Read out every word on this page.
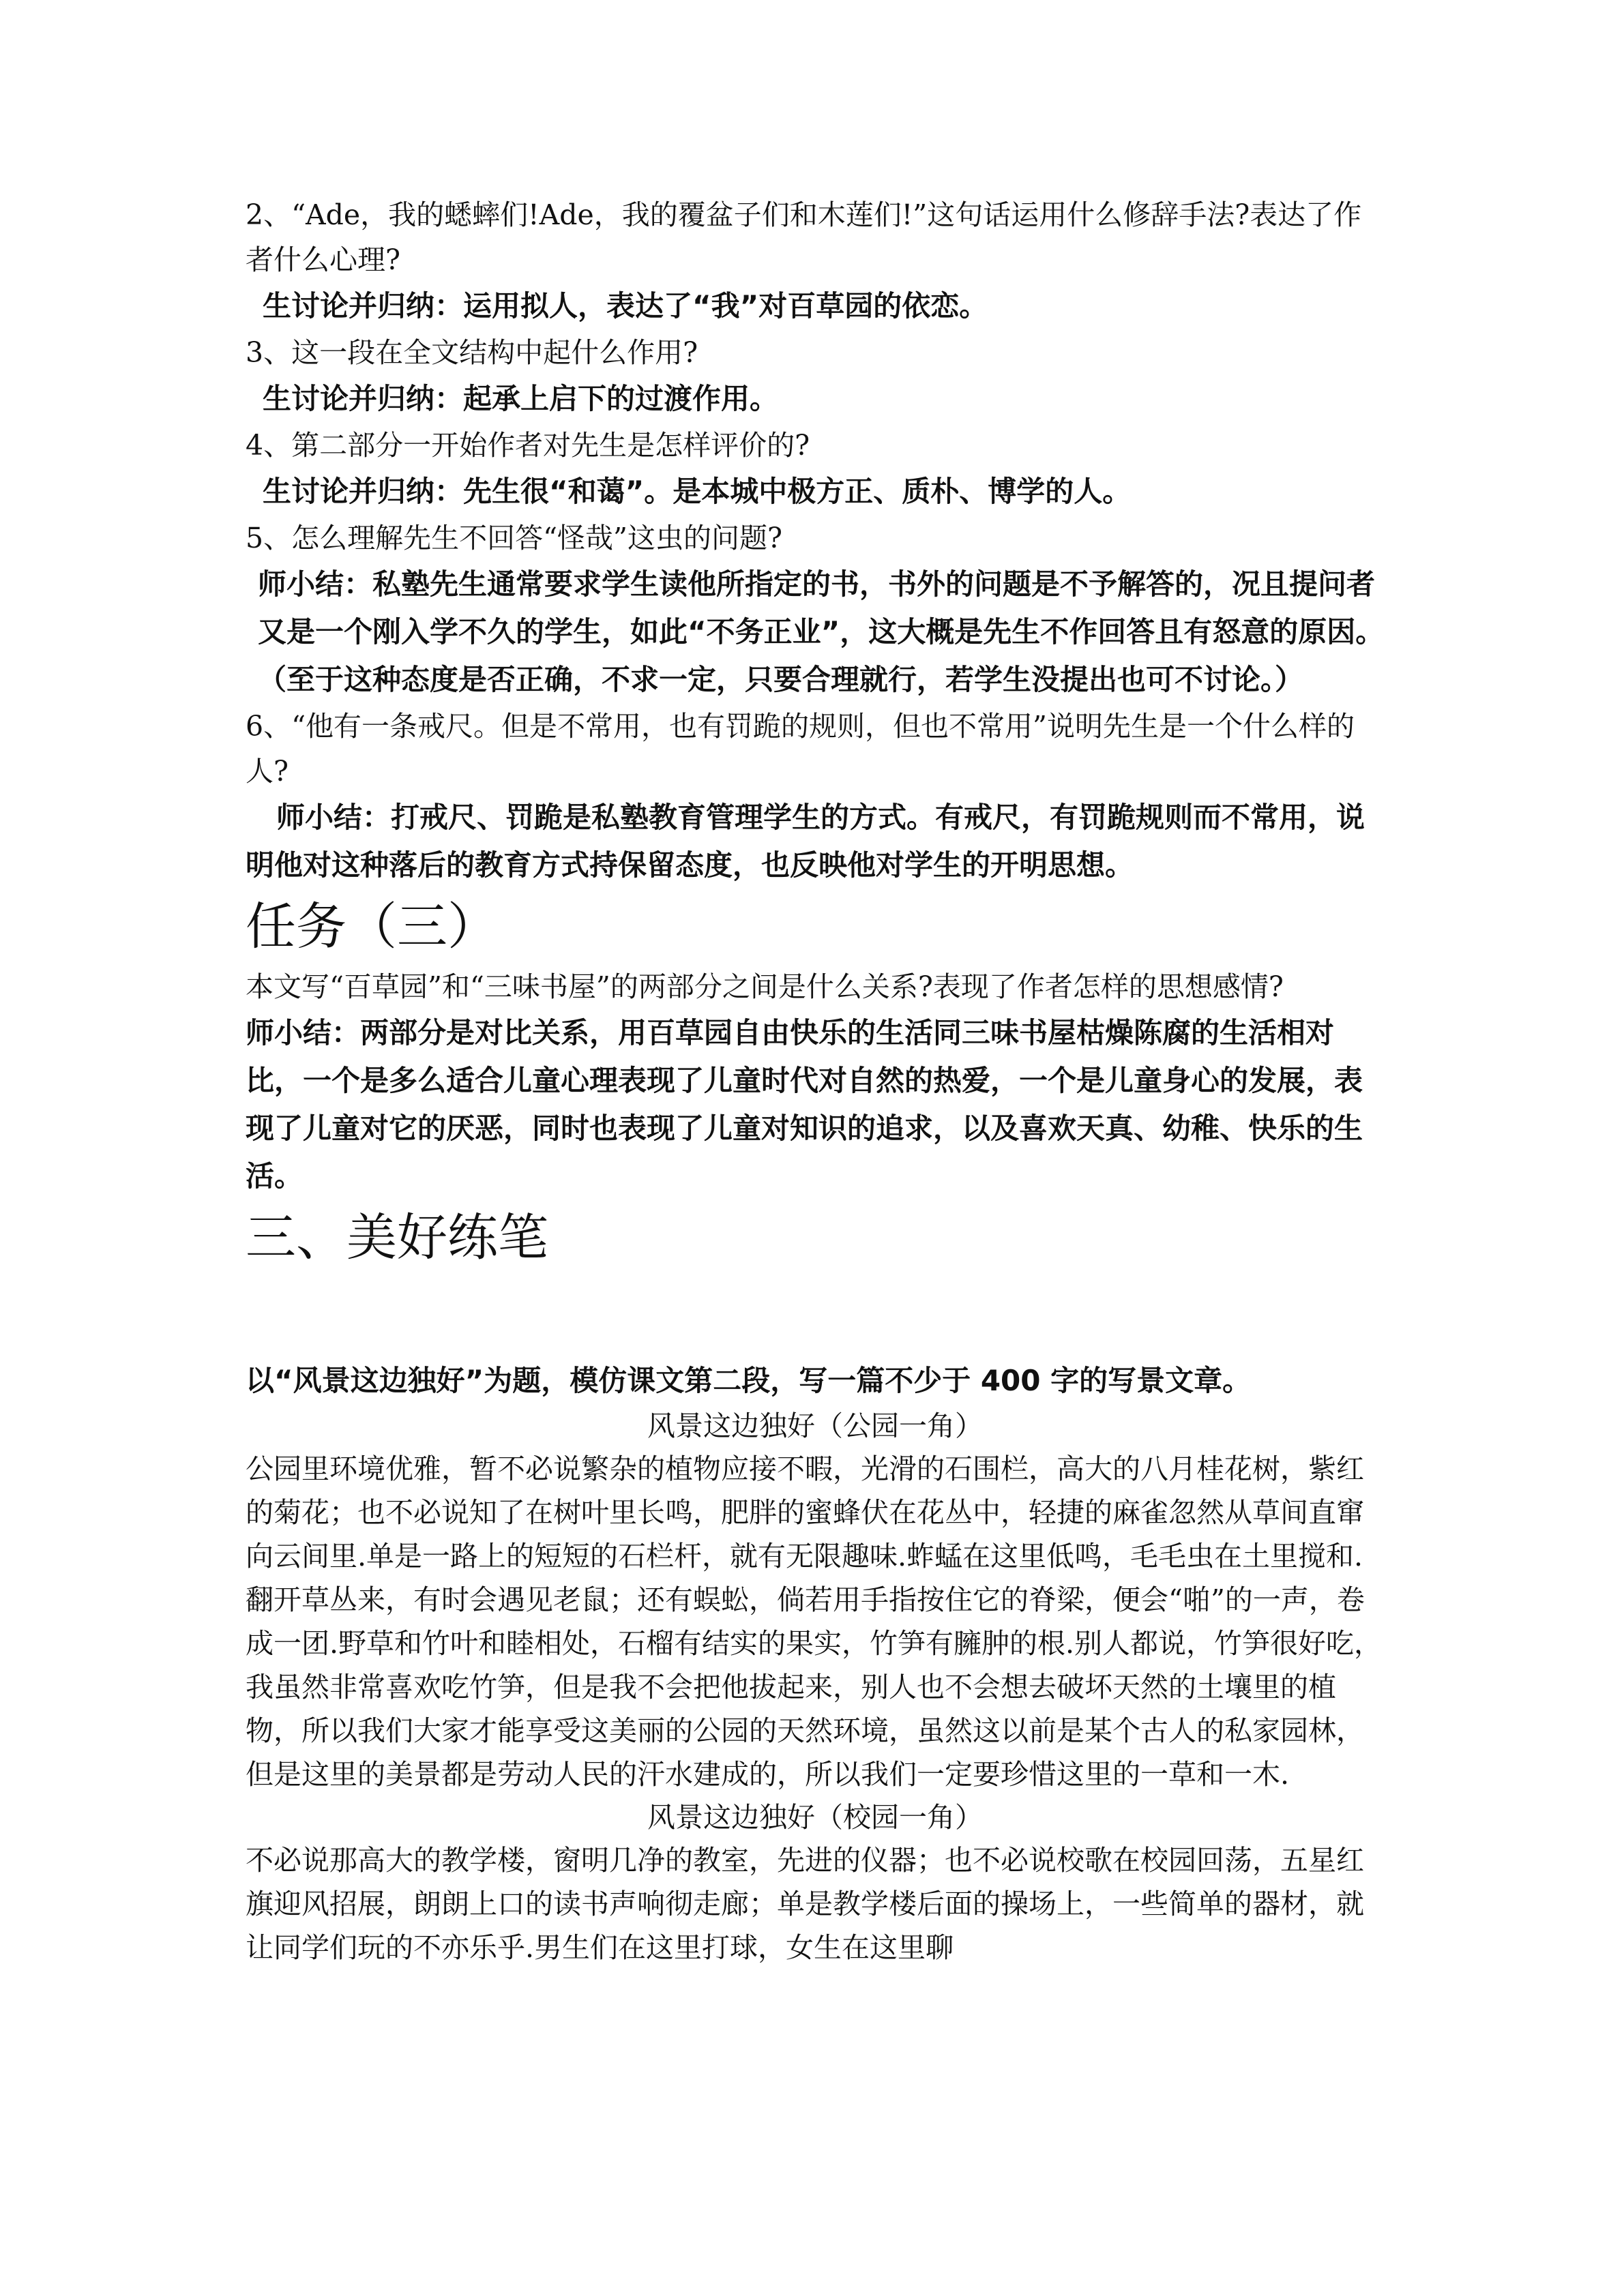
2、“Ade，我的蟋蟀们!Ade，我的覆盆子们和木莲们!”这句话运用什么修辞手法?表达了作者什么心理?

生讨论并归纳：运用拟人，表达了“我”对百草园的依恋。

3、这一段在全文结构中起什么作用?

生讨论并归纳：起承上启下的过渡作用。

4、第二部分一开始作者对先生是怎样评价的?

生讨论并归纳：先生很“和蔼”。是本城中极方正、质朴、博学的人。

5、怎么理解先生不回答“怪哉”这虫的问题?

师小结：私塾先生通常要求学生读他所指定的书，书外的问题是不予解答的，况且提问者又是一个刚入学不久的学生，如此“不务正业”，这大概是先生不作回答且有怒意的原因。（至于这种态度是否正确，不求一定，只要合理就行，若学生没提出也可不讨论。）

6、“他有一条戒尺。但是不常用，也有罚跪的规则，但也不常用”说明先生是一个什么样的人?

师小结：打戒尺、罚跪是私塾教育管理学生的方式。有戒尺，有罚跪规则而不常用，说明他对这种落后的教育方式持保留态度，也反映他对学生的开明思想。

任务（三）

本文写“百草园”和“三味书屋”的两部分之间是什么关系?表现了作者怎样的思想感情?

师小结：两部分是对比关系，用百草园自由快乐的生活同三味书屋枯燥陈腐的生活相对比，一个是多么适合儿童心理表现了儿童时代对自然的热爱，一个是儿童身心的发展，表现了儿童对它的厌恶，同时也表现了儿童对知识的追求，以及喜欢天真、幼稚、快乐的生活。

三、美好练笔

以“风景这边独好”为题，模仿课文第二段，写一篇不少于 400 字的写景文章。

风景这边独好（公园一角）

公园里环境优雅，暂不必说繁杂的植物应接不暇，光滑的石围栏，高大的八月桂花树，紫红的菊花；也不必说知了在树叶里长鸣，肥胖的蜜蜂伏在花丛中，轻捷的麻雀忽然从草间直窜向云间里.单是一路上的短短的石栏杆，就有无限趣味.蚱蜢在这里低鸣，毛毛虫在土里搅和.翻开草丛来，有时会遇见老鼠；还有蜈蚣，倘若用手指按住它的脊梁，便会“啪”的一声，卷成一团.野草和竹叶和睦相处，石榴有结实的果实，竹笋有臃肿的根.别人都说，竹笋很好吃，我虽然非常喜欢吃竹笋，但是我不会把他拔起来，别人也不会想去破坏天然的土壤里的植物，所以我们大家才能享受这美丽的公园的天然环境，虽然这以前是某个古人的私家园林，但是这里的美景都是劳动人民的汗水建成的，所以我们一定要珍惜这里的一草和一木.

风景这边独好（校园一角）

不必说那高大的教学楼，窗明几净的教室，先进的仪器；也不必说校歌在校园回荡，五星红旗迎风招展，朗朗上口的读书声响彻走廊；单是教学楼后面的操场上，一些简单的器材，就让同学们玩的不亦乐乎.男生们在这里打球，女生在这里聊
